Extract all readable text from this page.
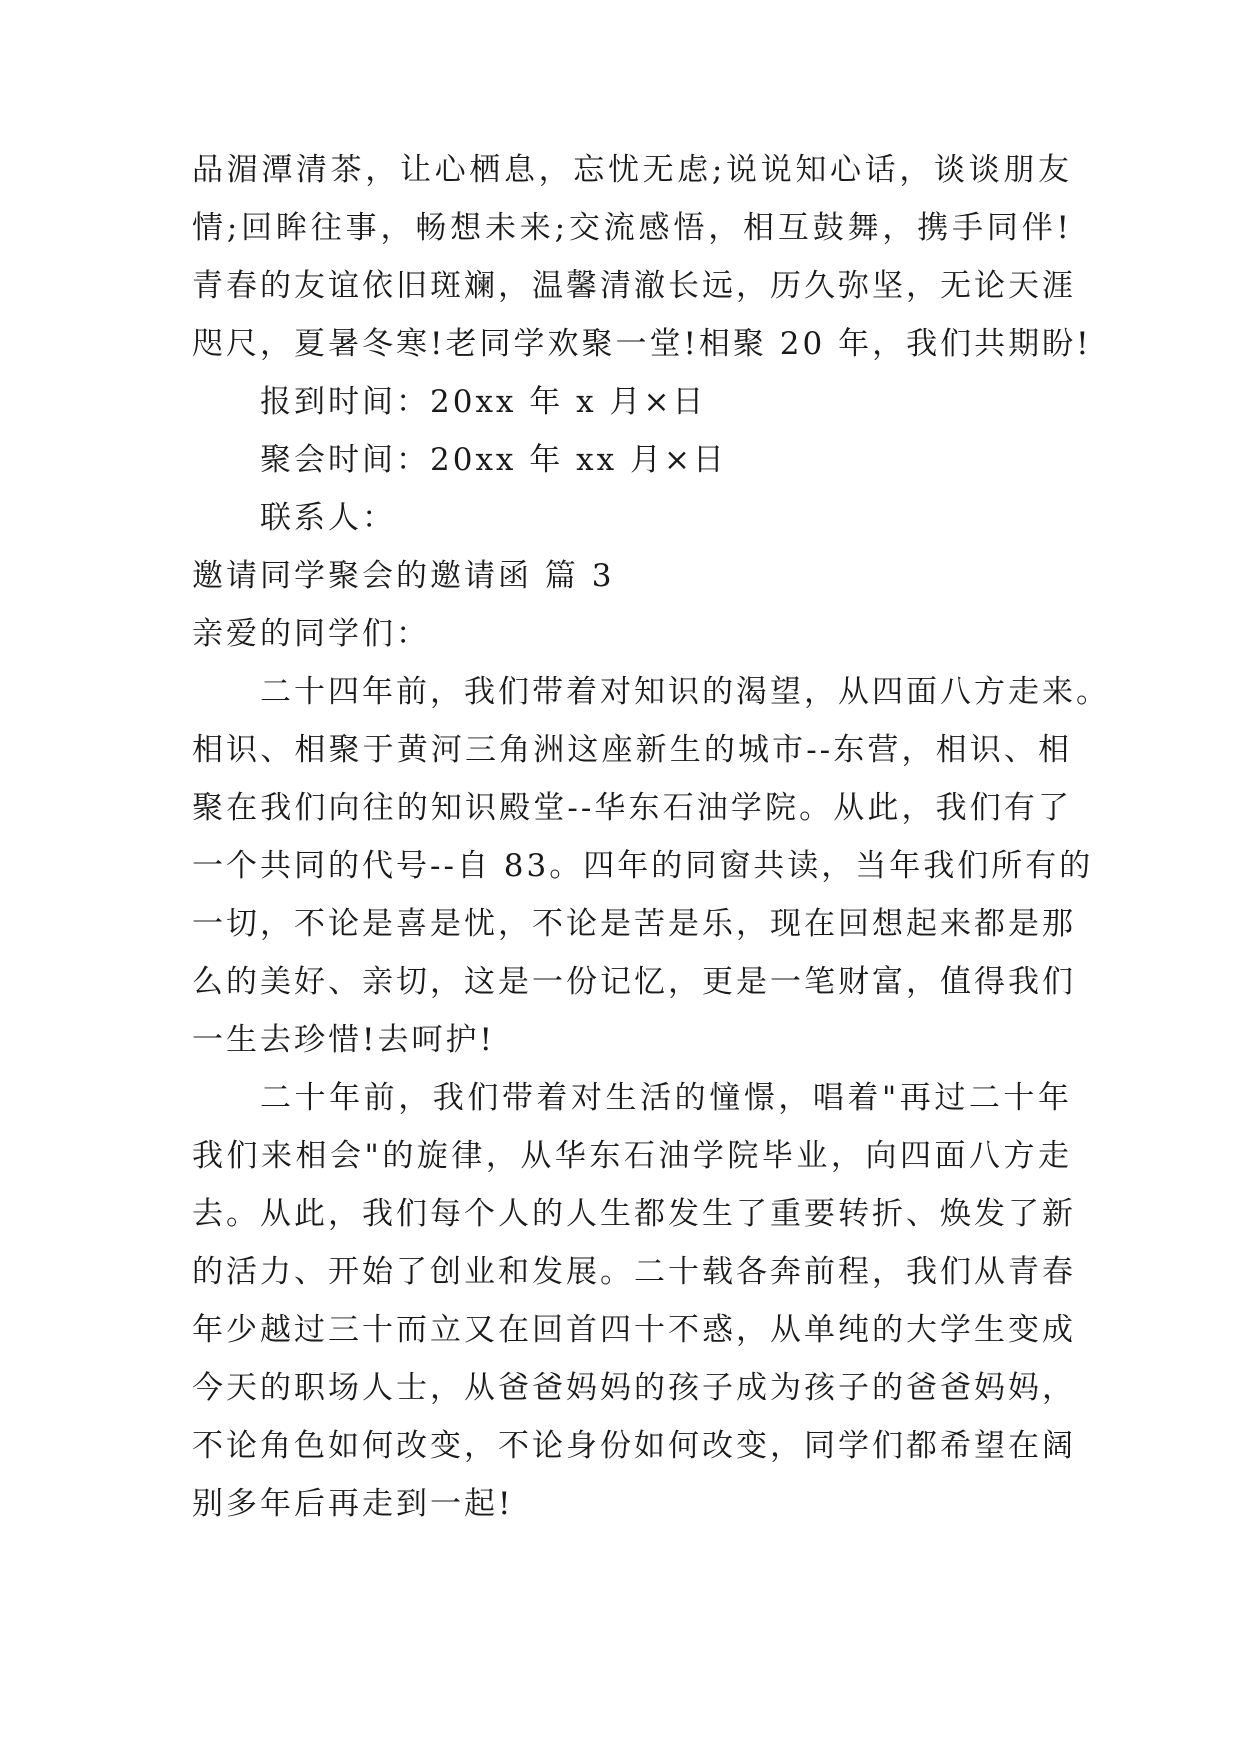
品湄潭清茶，让心栖息，忘忧无虑;说说知心话，谈谈朋友
情;回眸往事，畅想未来;交流感悟，相互鼓舞，携手同伴!
青春的友谊依旧斑斓，温馨清澈长远，历久弥坚，无论天涯
咫尺，夏暑冬寒!老同学欢聚一堂!相聚 20 年，我们共期盼!
报到时间：20xx 年 x 月×日
聚会时间：20xx 年 xx 月×日
联系人：
邀请同学聚会的邀请函 篇 3
亲爱的同学们：
二十四年前，我们带着对知识的渴望，从四面八方走来。
相识、相聚于黄河三角洲这座新生的城市--东营，相识、相
聚在我们向往的知识殿堂--华东石油学院。从此，我们有了
一个共同的代号--自 83。四年的同窗共读，当年我们所有的
一切，不论是喜是忧，不论是苦是乐，现在回想起来都是那
么的美好、亲切，这是一份记忆，更是一笔财富，值得我们
一生去珍惜!去呵护!
二十年前，我们带着对生活的憧憬，唱着"再过二十年
我们来相会"的旋律，从华东石油学院毕业，向四面八方走
去。从此，我们每个人的人生都发生了重要转折、焕发了新
的活力、开始了创业和发展。二十载各奔前程，我们从青春
年少越过三十而立又在回首四十不惑，从单纯的大学生变成
今天的职场人士，从爸爸妈妈的孩子成为孩子的爸爸妈妈，
不论角色如何改变，不论身份如何改变，同学们都希望在阔
别多年后再走到一起!
